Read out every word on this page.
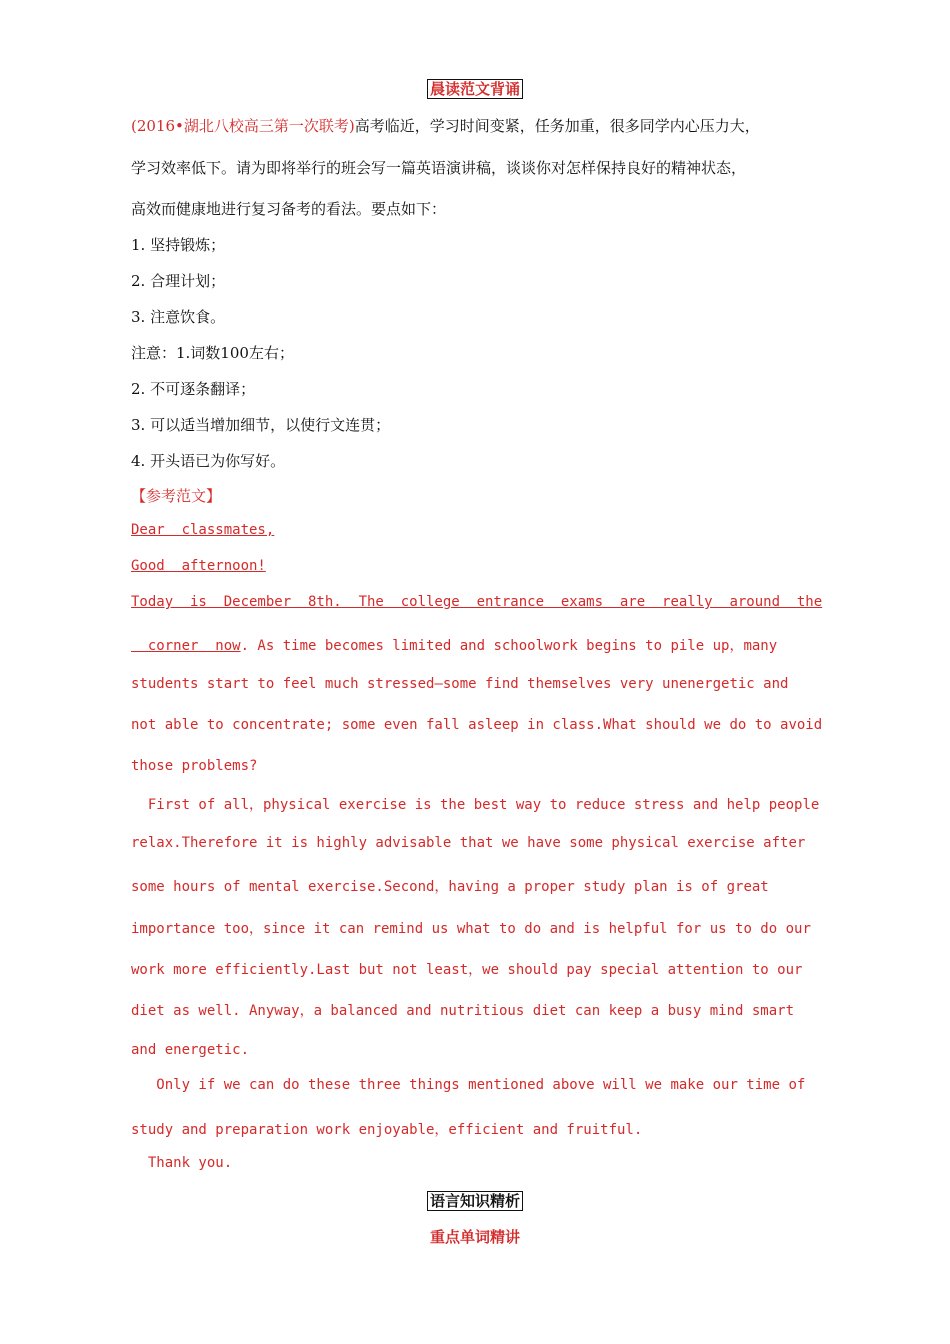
晨读范文背诵
(2016•湖北八校高三第一次联考)高考临近，学习时间变紧，任务加重，很多同学内心压力大，
学习效率低下。请为即将举行的班会写一篇英语演讲稿，谈谈你对怎样保持良好的精神状态，
高效而健康地进行复习备考的看法。要点如下：
1. 坚持锻炼；
2. 合理计划；
3. 注意饮食。
注意：1.词数100左右；
2. 不可逐条翻译；
3. 可以适当增加细节，以使行文连贯；
4. 开头语已为你写好。
【参考范文】
Dear  classmates,
Good  afternoon!
Today  is  December  8th.  The  college  entrance  exams  are  really  around  the
corner  now. As time becomes limited and schoolwork begins to pile up，many
students start to feel much stressed—some find themselves very unenergetic and
not able to concentrate; some even fall asleep in class.What should we do to avoid
those problems?
First of all，physical exercise is the best way to reduce stress and help people
relax.Therefore it is highly advisable that we have some physical exercise after
some hours of mental exercise.Second，having a proper study plan is of great
importance too，since it can remind us what to do and is helpful for us to do our
work more efficiently.Last but not least，we should pay special attention to our
diet as well. Anyway，a balanced and nutritious diet can keep a busy mind smart
and energetic.
Only if we can do these three things mentioned above will we make our time of
study and preparation work enjoyable，efficient and fruitful.
Thank you.
语言知识精析
重点单词精讲
